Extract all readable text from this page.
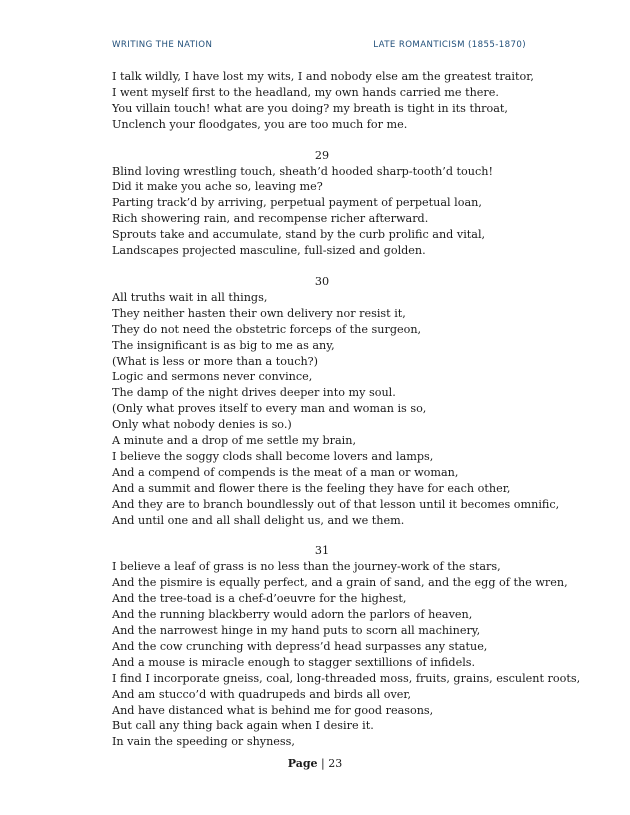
WRITING THE NATION	LATE ROMANTICISM (1855-1870)
I talk wildly, I have lost my wits, I and nobody else am the greatest traitor,
I went myself first to the headland, my own hands carried me there.
You villain touch! what are you doing? my breath is tight in its throat,
Unclench your floodgates, you are too much for me.
29
Blind loving wrestling touch, sheath’d hooded sharp-tooth’d touch!
Did it make you ache so, leaving me?
Parting track’d by arriving, perpetual payment of perpetual loan,
Rich showering rain, and recompense richer afterward.
Sprouts take and accumulate, stand by the curb prolific and vital,
Landscapes projected masculine, full-sized and golden.
30
All truths wait in all things,
They neither hasten their own delivery nor resist it,
They do not need the obstetric forceps of the surgeon,
The insignificant is as big to me as any,
(What is less or more than a touch?)
Logic and sermons never convince,
The damp of the night drives deeper into my soul.
(Only what proves itself to every man and woman is so,
Only what nobody denies is so.)
A minute and a drop of me settle my brain,
I believe the soggy clods shall become lovers and lamps,
And a compend of compends is the meat of a man or woman,
And a summit and flower there is the feeling they have for each other,
And they are to branch boundlessly out of that lesson until it becomes omnific,
And until one and all shall delight us, and we them.
31
I believe a leaf of grass is no less than the journey-work of the stars,
And the pismire is equally perfect, and a grain of sand, and the egg of the wren,
And the tree-toad is a chef-d’oeuvre for the highest,
And the running blackberry would adorn the parlors of heaven,
And the narrowest hinge in my hand puts to scorn all machinery,
And the cow crunching with depress’d head surpasses any statue,
And a mouse is miracle enough to stagger sextillions of infidels.
I find I incorporate gneiss, coal, long-threaded moss, fruits, grains, esculent roots,
And am stucco’d with quadrupeds and birds all over,
And have distanced what is behind me for good reasons,
But call any thing back again when I desire it.
In vain the speeding or shyness,
Page | 23
